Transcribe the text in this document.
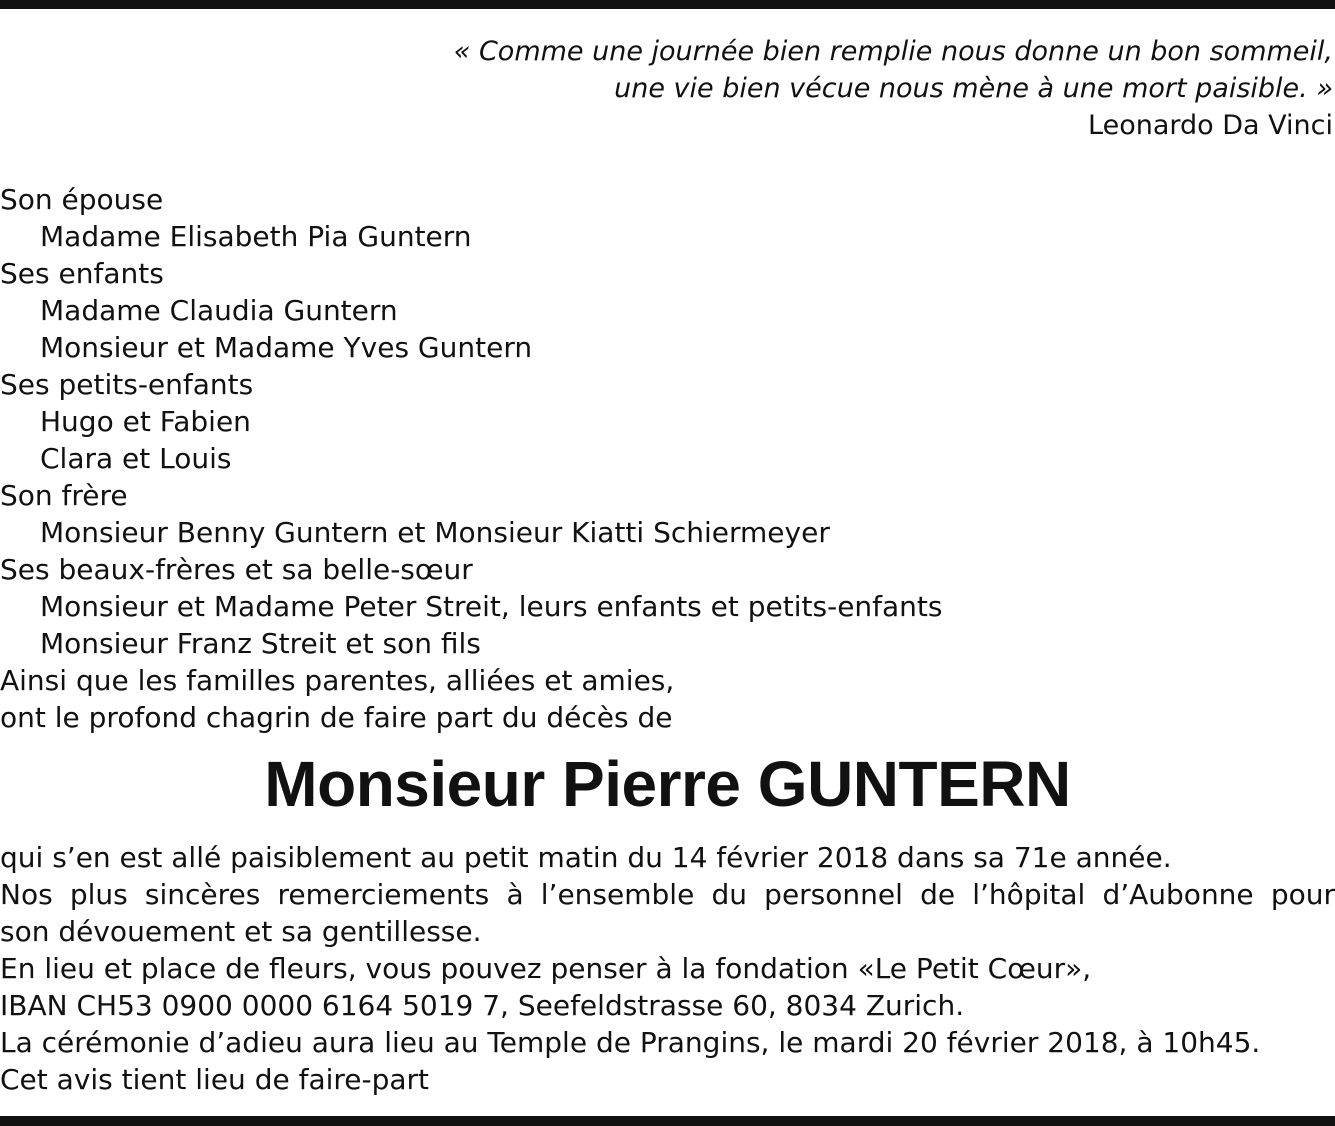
« Comme une journée bien remplie nous donne un bon sommeil,
une vie bien vécue nous mène à une mort paisible. »
Leonardo Da Vinci
Son épouse
Madame Elisabeth Pia Guntern
Ses enfants
Madame Claudia Guntern
Monsieur et Madame Yves Guntern
Ses petits-enfants
Hugo et Fabien
Clara et Louis
Son frère
Monsieur Benny Guntern et Monsieur Kiatti Schiermeyer
Ses beaux-frères et sa belle-sœur
Monsieur et Madame Peter Streit, leurs enfants et petits-enfants
Monsieur Franz Streit et son fils
Ainsi que les familles parentes, alliées et amies,
ont le profond chagrin de faire part du décès de
Monsieur Pierre GUNTERN
qui s’en est allé paisiblement au petit matin du 14 février 2018 dans sa 71e année.
Nos plus sincères remerciements à l’ensemble du personnel de l’hôpital d’Aubonne pour
son dévouement et sa gentillesse.
En lieu et place de fleurs, vous pouvez penser à la fondation «Le Petit Cœur»,
IBAN CH53 0900 0000 6164 5019 7, Seefeldstrasse 60, 8034 Zurich.
La cérémonie d’adieu aura lieu au Temple de Prangins, le mardi 20 février 2018, à 10h45.
Cet avis tient lieu de faire-part
